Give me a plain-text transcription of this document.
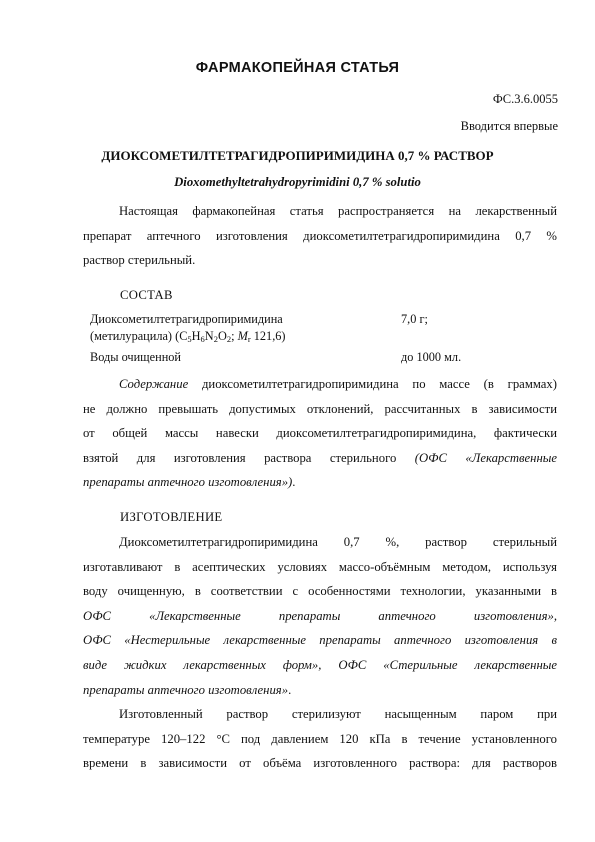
ФАРМАКОПЕЙНАЯ СТАТЬЯ
ФС.3.6.0055
Вводится впервые
ДИОКСОМЕТИЛТЕТРАГИДРОПИРИМИДИНА 0,7 % РАСТВОР
Dioxomethyltetrahydropyrimidini 0,7 % solutio
Настоящая фармакопейная статья распространяется на лекарственный
препарат аптечного изготовления диоксометилтетрагидропиримидина 0,7 %
раствор стерильный.
СОСТАВ
Диоксометилтетрагидропиримидина
(метилурацила) ($C_5H_6N_2O_2$; $M_r$ 121,6)
7,0 г;
Воды очищенной	до 1000 мл.
Содержание диоксометилтетрагидропиримидина по массе (в граммах)
не должно превышать допустимых отклонений, рассчитанных в зависимости
от общей массы навески диоксометилтетрагидропиримидина, фактически
взятой для изготовления раствора стерильного (ОФС «Лекарственные
препараты аптечного изготовления»).
ИЗГОТОВЛЕНИЕ
Диоксометилтетрагидропиримидина 0,7 %, раствор стерильный
изготавливают в асептических условиях массо-объёмным методом, используя
воду очищенную, в соответствии с особенностями технологии, указанными в
ОФС «Лекарственные препараты аптечного изготовления»,
ОФС «Нестерильные лекарственные препараты аптечного изготовления в
виде жидких лекарственных форм», ОФС «Стерильные лекарственные
препараты аптечного изготовления».
Изготовленный раствор стерилизуют насыщенным паром при
температуре 120–122 °C под давлением 120 кПа в течение установленного
времени в зависимости от объёма изготовленного раствора: для растворов
